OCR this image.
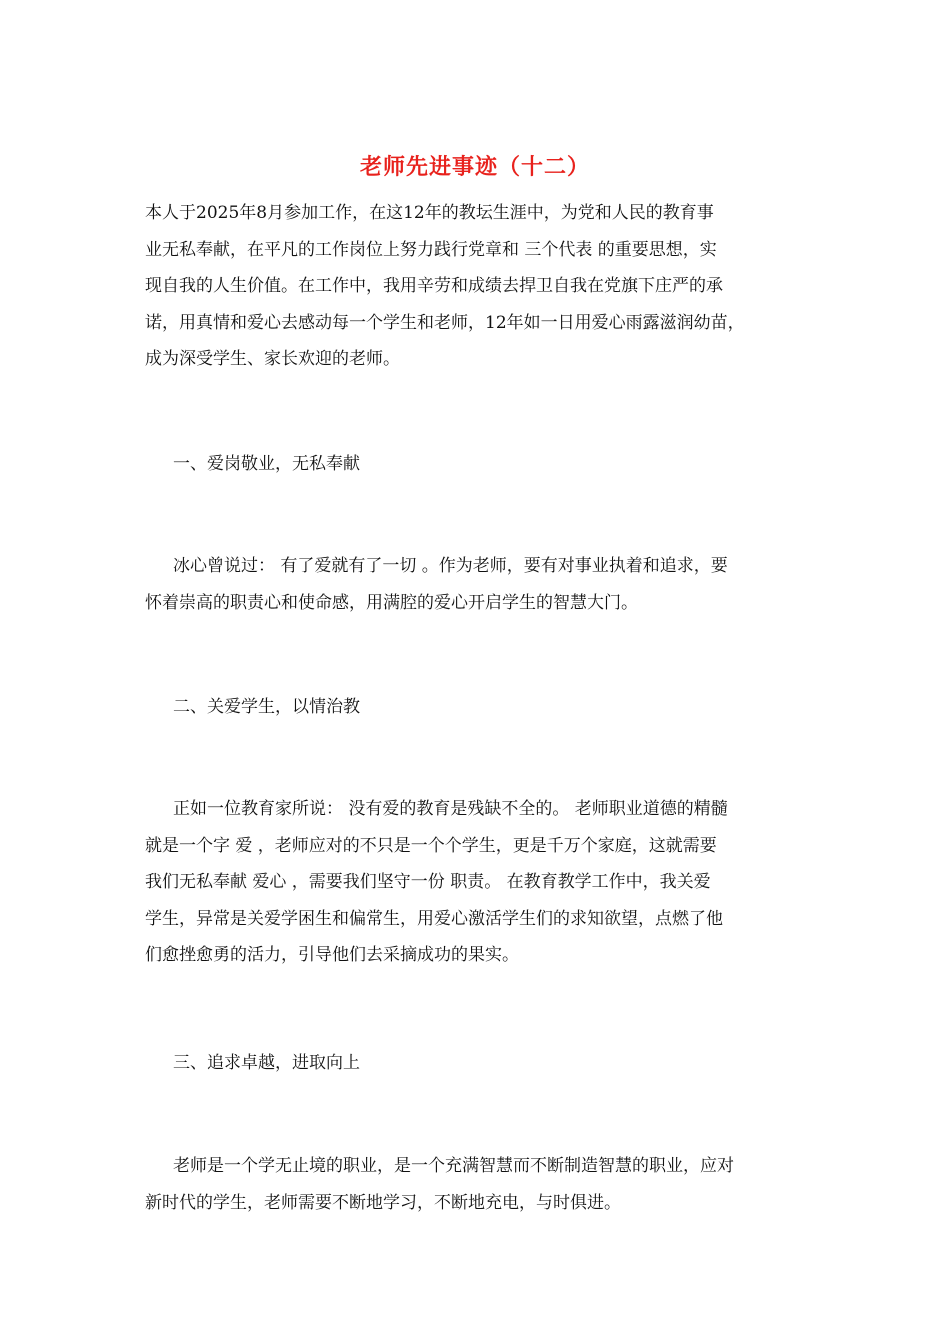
老师先进事迹（十二）
本人于2025年8月参加工作，在这12年的教坛生涯中，为党和人民的教育事
业无私奉献，在平凡的工作岗位上努力践行党章和 三个代表 的重要思想，实
现自我的人生价值。在工作中，我用辛劳和成绩去捍卫自我在党旗下庄严的承
诺，用真情和爱心去感动每一个学生和老师，12年如一日用爱心雨露滋润幼苗，
成为深受学生、家长欢迎的老师。
一、爱岗敬业，无私奉献
冰心曾说过： 有了爱就有了一切 。作为老师，要有对事业执着和追求，要
怀着崇高的职责心和使命感，用满腔的爱心开启学生的智慧大门。
二、关爱学生，以情治教
正如一位教育家所说： 没有爱的教育是残缺不全的。 老师职业道德的精髓
就是一个字 爱 ，老师应对的不只是一个个学生，更是千万个家庭，这就需要
我们无私奉献 爱心 ，需要我们坚守一份 职责。 在教育教学工作中，我关爱
学生，异常是关爱学困生和偏常生，用爱心激活学生们的求知欲望，点燃了他
们愈挫愈勇的活力，引导他们去采摘成功的果实。
三、追求卓越，进取向上
老师是一个学无止境的职业，是一个充满智慧而不断制造智慧的职业，应对
新时代的学生，老师需要不断地学习，不断地充电，与时俱进。
